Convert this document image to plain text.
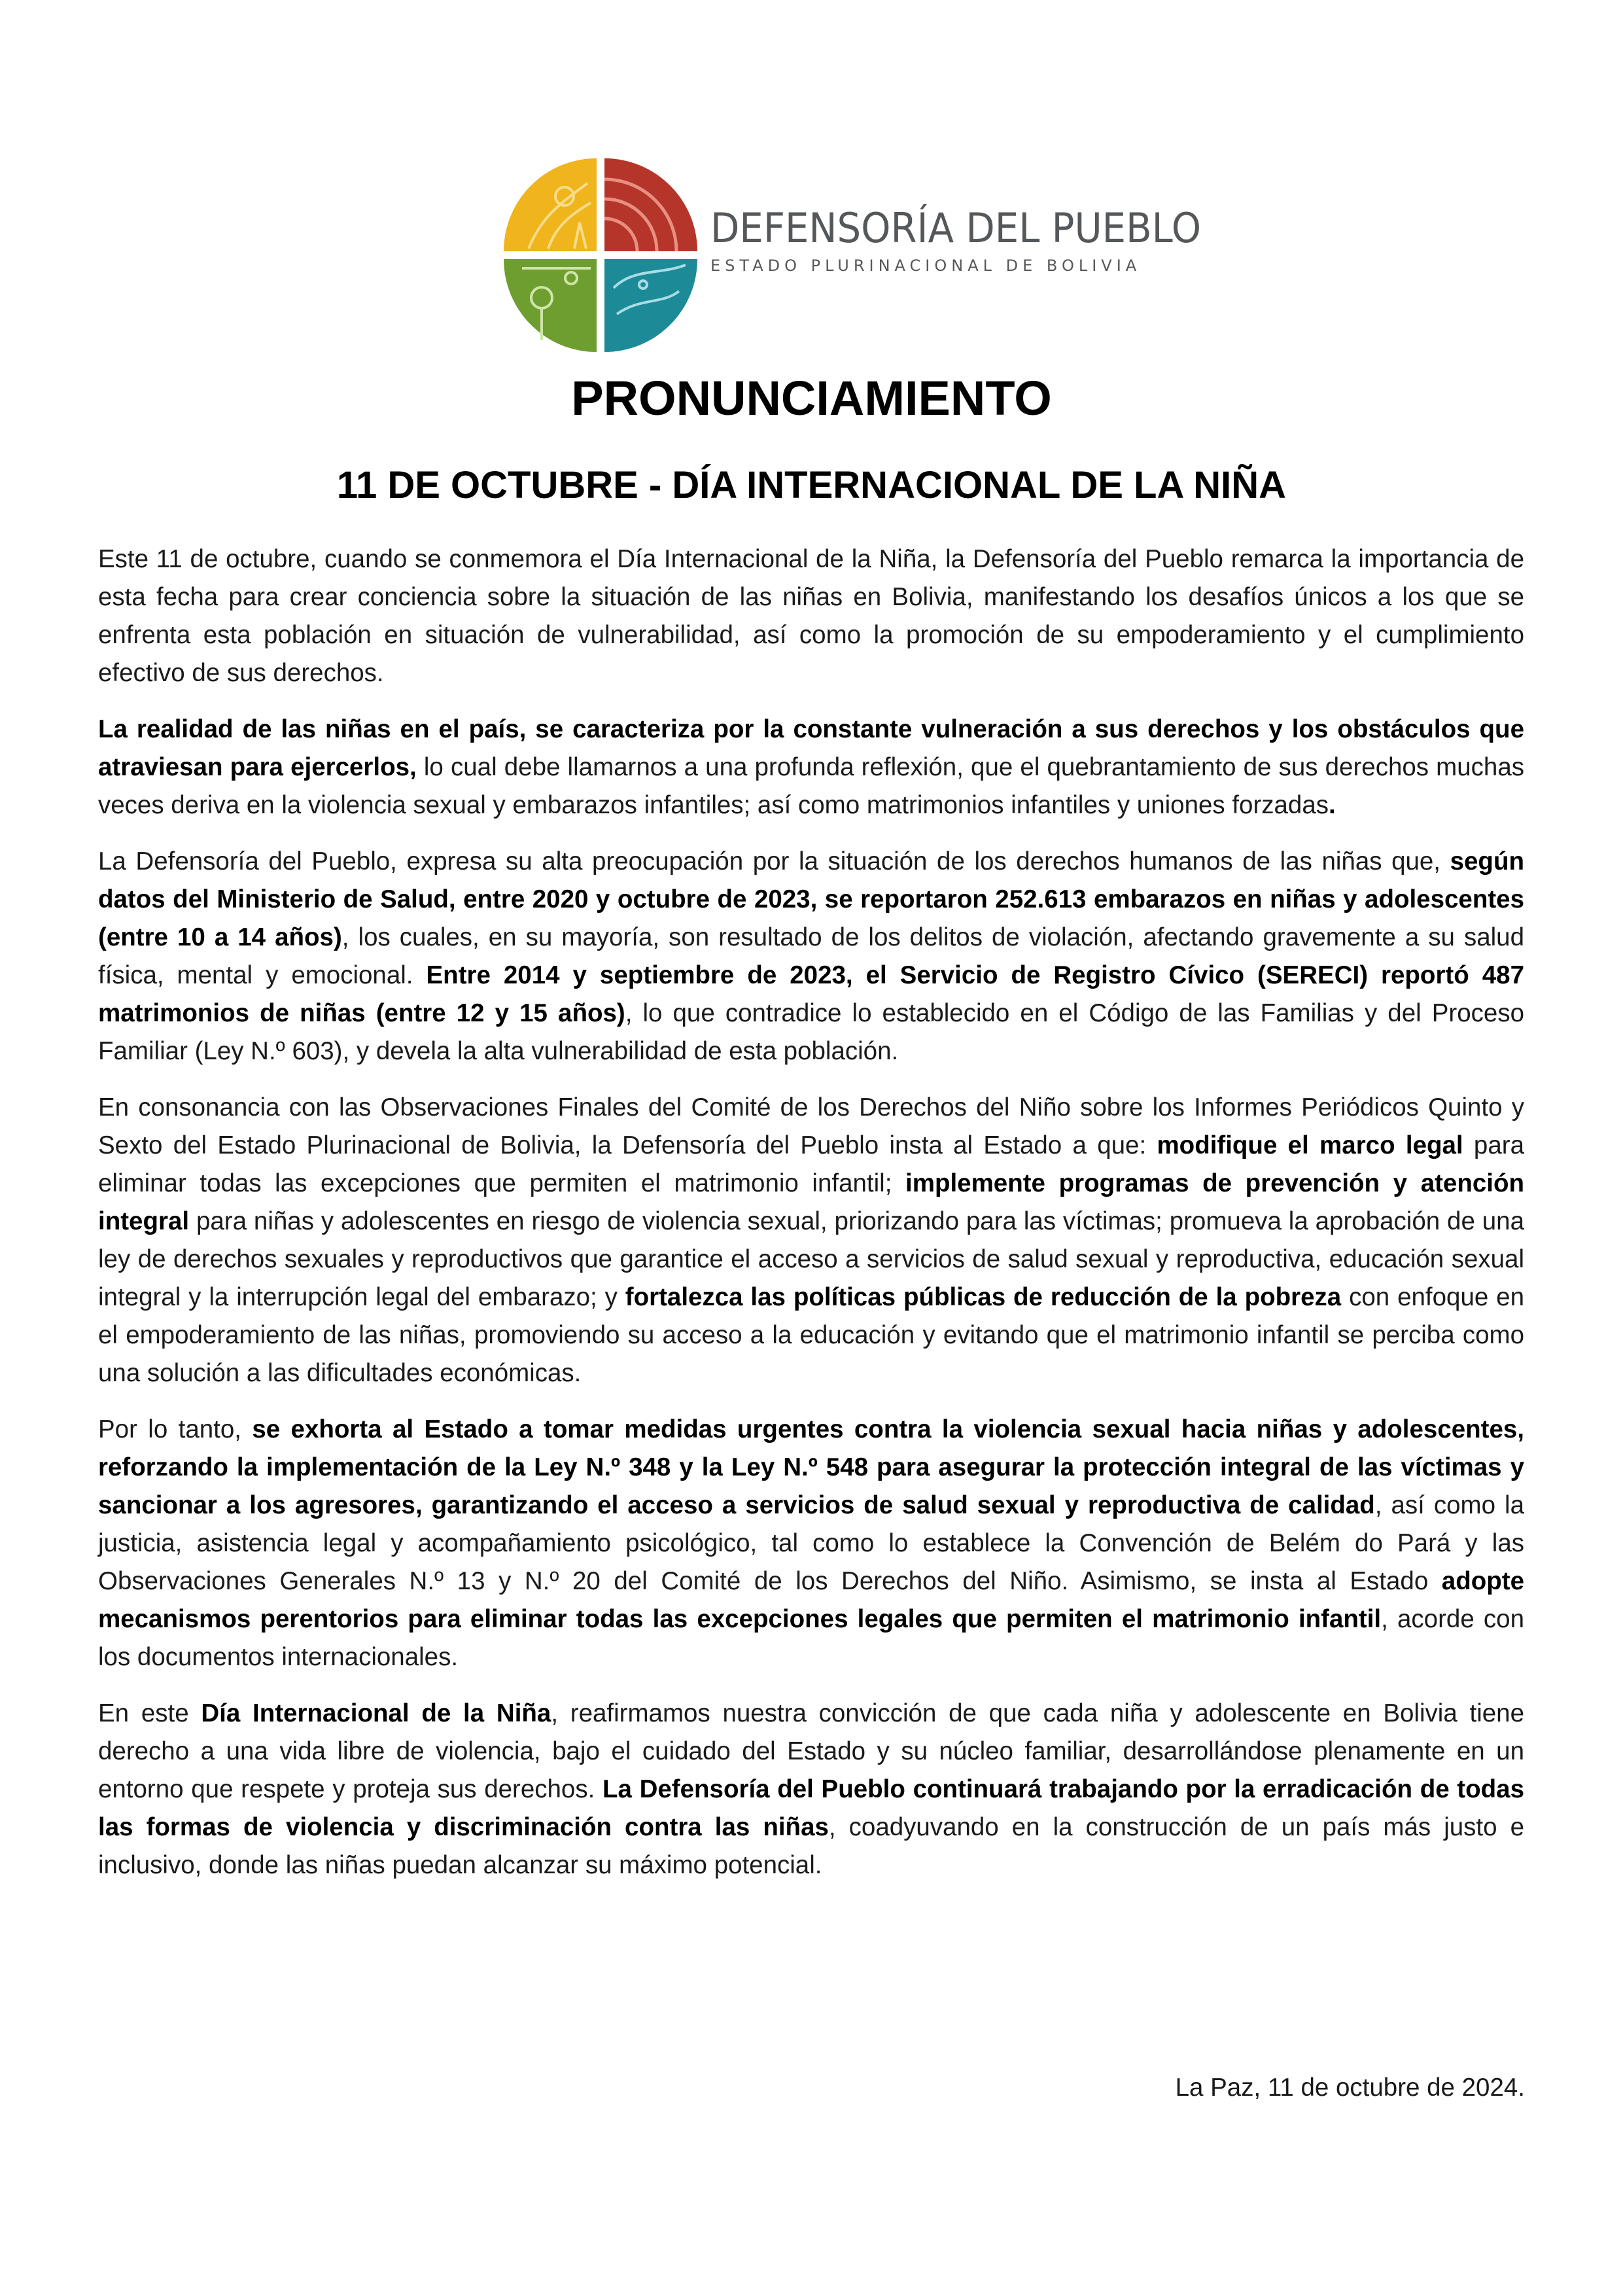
DEFENSORÍA DEL PUEBLO
ESTADO PLURINACIONAL DE BOLIVIA
PRONUNCIAMIENTO
11 DE OCTUBRE - DÍA INTERNACIONAL DE LA NIÑA

Este 11 de octubre, cuando se conmemora el Día Internacional de la Niña, la Defensoría del Pueblo remarca la importancia de esta fecha para crear conciencia sobre la situación de las niñas en Bolivia, manifestando los desafíos únicos a los que se enfrenta esta población en situación de vulnerabilidad, así como la promoción de su empoderamiento y el cumplimiento efectivo de sus derechos.

La realidad de las niñas en el país, se caracteriza por la constante vulneración a sus derechos y los obstáculos que atraviesan para ejercerlos, lo cual debe llamarnos a una profunda reflexión, que el quebrantamiento de sus derechos muchas veces deriva en la violencia sexual y embarazos infantiles; así como matrimonios infantiles y uniones forzadas.

La Defensoría del Pueblo, expresa su alta preocupación por la situación de los derechos humanos de las niñas que, según datos del Ministerio de Salud, entre 2020 y octubre de 2023, se reportaron 252.613 embarazos en niñas y adolescentes (entre 10 a 14 años), los cuales, en su mayoría, son resultado de los delitos de violación, afectando gravemente a su salud física, mental y emocional. Entre 2014 y septiembre de 2023, el Servicio de Registro Cívico (SERECI) reportó 487 matrimonios de niñas (entre 12 y 15 años), lo que contradice lo establecido en el Código de las Familias y del Proceso Familiar (Ley N.º 603), y devela la alta vulnerabilidad de esta población.

En consonancia con las Observaciones Finales del Comité de los Derechos del Niño sobre los Informes Periódicos Quinto y Sexto del Estado Plurinacional de Bolivia, la Defensoría del Pueblo insta al Estado a que: modifique el marco legal para eliminar todas las excepciones que permiten el matrimonio infantil; implemente programas de prevención y atención integral para niñas y adolescentes en riesgo de violencia sexual, priorizando para las víctimas; promueva la aprobación de una ley de derechos sexuales y reproductivos que garantice el acceso a servicios de salud sexual y reproductiva, educación sexual integral y la interrupción legal del embarazo; y fortalezca las políticas públicas de reducción de la pobreza con enfoque en el empoderamiento de las niñas, promoviendo su acceso a la educación y evitando que el matrimonio infantil se perciba como una solución a las dificultades económicas.

Por lo tanto, se exhorta al Estado a tomar medidas urgentes contra la violencia sexual hacia niñas y adolescentes, reforzando la implementación de la Ley N.º 348 y la Ley N.º 548 para asegurar la protección integral de las víctimas y sancionar a los agresores, garantizando el acceso a servicios de salud sexual y reproductiva de calidad, así como la justicia, asistencia legal y acompañamiento psicológico, tal como lo establece la Convención de Belém do Pará y las Observaciones Generales N.º 13 y N.º 20 del Comité de los Derechos del Niño. Asimismo, se insta al Estado adopte mecanismos perentorios para eliminar todas las excepciones legales que permiten el matrimonio infantil, acorde con los documentos internacionales.

En este Día Internacional de la Niña, reafirmamos nuestra convicción de que cada niña y adolescente en Bolivia tiene derecho a una vida libre de violencia, bajo el cuidado del Estado y su núcleo familiar, desarrollándose plenamente en un entorno que respete y proteja sus derechos. La Defensoría del Pueblo continuará trabajando por la erradicación de todas las formas de violencia y discriminación contra las niñas, coadyuvando en la construcción de un país más justo e inclusivo, donde las niñas puedan alcanzar su máximo potencial.

La Paz, 11 de octubre de 2024.
